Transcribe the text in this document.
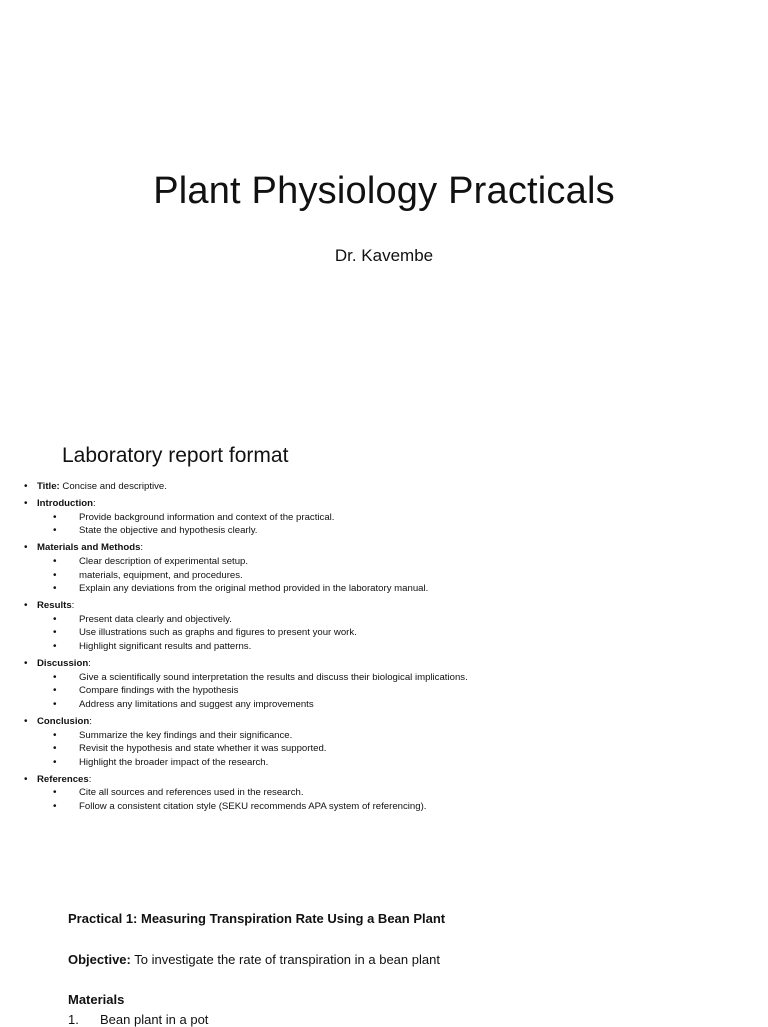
Plant Physiology Practicals

Dr. Kavembe

Laboratory report format
• Title: Concise and descriptive.
• Introduction:
• Provide background information and context of the practical.
• State the objective and hypothesis clearly.
• Materials and Methods:
• Clear description of experimental setup.
• materials, equipment, and procedures.
• Explain any deviations from the original method provided in the laboratory manual.
• Results:
• Present data clearly and objectively.
• Use illustrations such as graphs and figures to present your work.
• Highlight significant results and patterns.
• Discussion:
• Give a scientifically sound interpretation the results and discuss their biological implications.
• Compare findings with the hypothesis
• Address any limitations and suggest any improvements
• Conclusion:
• Summarize the key findings and their significance.
• Revisit the hypothesis and state whether it was supported.
• Highlight the broader impact of the research.
• References:
• Cite all sources and references used in the research.
• Follow a consistent citation style (SEKU recommends APA system of referencing).

Practical 1: Measuring Transpiration Rate Using a Bean Plant

Objective: To investigate the rate of transpiration in a bean plant

Materials

1. Bean plant in a pot
